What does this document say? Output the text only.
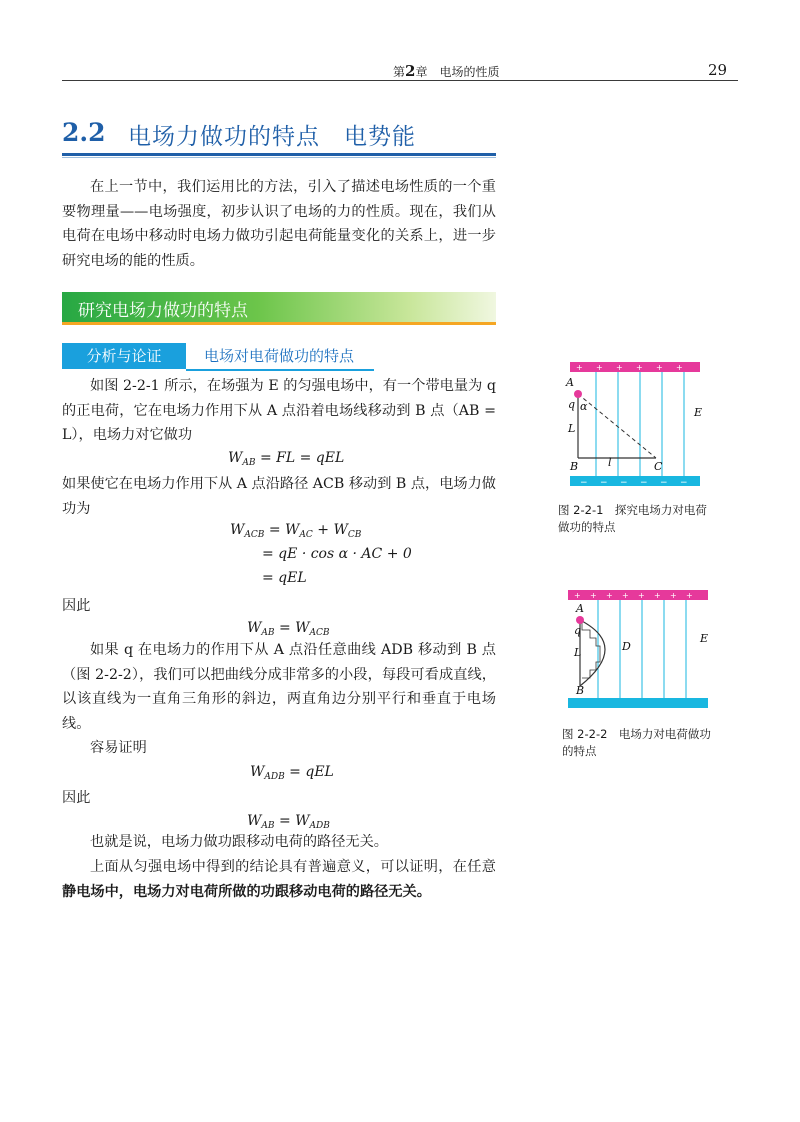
第2章　 电场的性质	29
2.2 电场力做功的特点　电势能
在上一节中，我们运用比的方法，引入了描述电场性质的一个重要物理量——电场强度，初步认识了电场的力的性质。现在，我们从电荷在电场中移动时电场力做功引起电荷能量变化的关系上，进一步研究电场的能的性质。
研究电场力做功的特点
分析与论证	电场对电荷做功的特点
如图 2-2-1 所示，在场强为 E 的匀强电场中，有一个带电量为 q 的正电荷，它在电场力作用下从 A 点沿着电场线移动到 B 点（AB = L），电场力对它做功
$W_{AB}$ = FL = qEL
如果使它在电场力作用下从 A 点沿路径 ACB 移动到 B 点，电场力做功为
$W_{ACB} = W_{AC} + W_{CB}$
= qE · cos α · AC + 0
= qEL
因此
$W_{AB} = W_{ACB}$
如果 q 在电场力的作用下从 A 点沿任意曲线 ADB 移动到 B 点（图 2-2-2），我们可以把曲线分成非常多的小段，每段可看成直线，以该直线为一直角三角形的斜边，两直角边分别平行和垂直于电场线。
容易证明
$W_{ADB}$ = qEL
因此
$W_{AB} = W_{ADB}$
也就是说，电场力做功跟移动电荷的路径无关。
上面从匀强电场中得到的结论具有普遍意义，可以证明，在任意静电场中，电场力对电荷所做的功跟移动电荷的路径无关。
+ + + + + +
− − − − − −
A
q α
L
B	l	C
E
图 2-2-1　探究电场力对电荷做功的特点
+ + + + + + + +
A
q
L	D
B
E
图 2-2-2　电场力对电荷做功的特点
